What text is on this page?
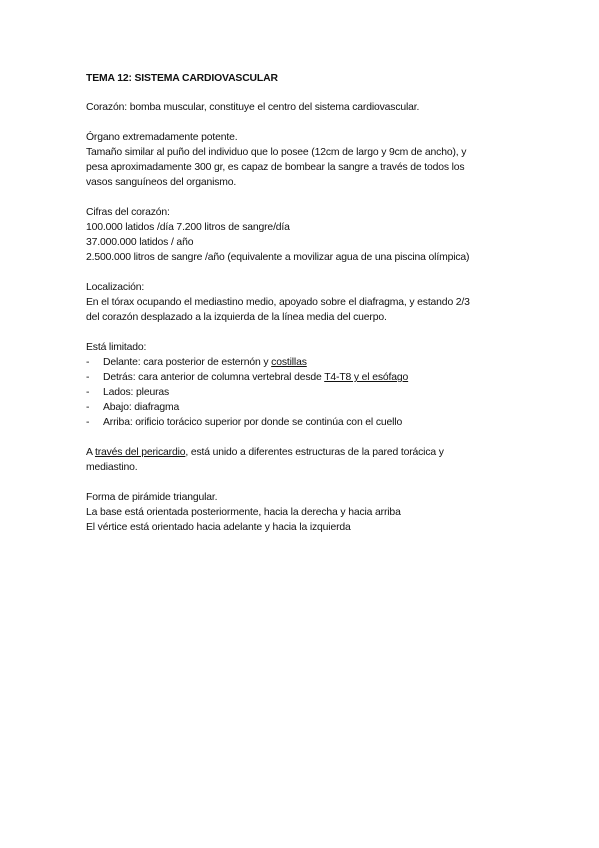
TEMA 12: SISTEMA CARDIOVASCULAR
Corazón: bomba muscular, constituye el centro del sistema cardiovascular.
Órgano extremadamente potente.
Tamaño similar al puño del individuo que lo posee (12cm de largo y 9cm de ancho), y
pesa aproximadamente 300 gr, es capaz de bombear la sangre a través de todos los
vasos sanguíneos del organismo.
Cifras del corazón:
100.000 latidos /día 7.200 litros de sangre/día
37.000.000 latidos / año
2.500.000 litros de sangre /año (equivalente a movilizar agua de una piscina olímpica)
Localización:
En el tórax ocupando el mediastino medio, apoyado sobre el diafragma, y estando 2/3
del corazón desplazado a la izquierda de la línea media del cuerpo.
Está limitado:
- Delante: cara posterior de esternón y costillas
- Detrás: cara anterior de columna vertebral desde T4-T8 y el esófago
- Lados: pleuras
- Abajo: diafragma
- Arriba: orificio torácico superior por donde se continúa con el cuello
A través del pericardio, está unido a diferentes estructuras de la pared torácica y
mediastino.
Forma de pirámide triangular.
La base está orientada posteriormente, hacia la derecha y hacia arriba
El vértice está orientado hacia adelante y hacia la izquierda
